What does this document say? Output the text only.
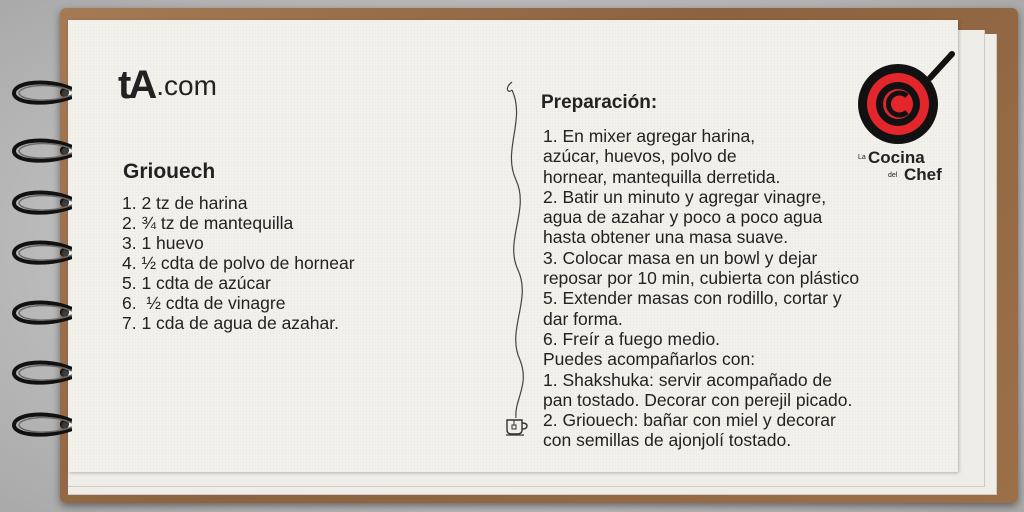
tA .com
Griouech
1. 2 tz de harina
2. ¾ tz de mantequilla
3. 1 huevo
4. ½ cdta de polvo de hornear
5. 1 cdta de azúcar
6.  ½ cdta de vinagre
7. 1 cda de agua de azahar.
Preparación:
1. En mixer agregar harina,
azúcar, huevos, polvo de
hornear, mantequilla derretida.
2. Batir un minuto y agregar vinagre,
agua de azahar y poco a poco agua
hasta obtener una masa suave.
3. Colocar masa en un bowl y dejar
reposar por 10 min, cubierta con plástico
5. Extender masas con rodillo, cortar y
dar forma.
6. Freír a fuego medio.
Puedes acompañarlos con:
1. Shakshuka: servir acompañado de
pan tostado. Decorar con perejil picado.
2. Griouech: bañar con miel y decorar
con semillas de ajonjolí tostado.
La Cocina
del Chef
